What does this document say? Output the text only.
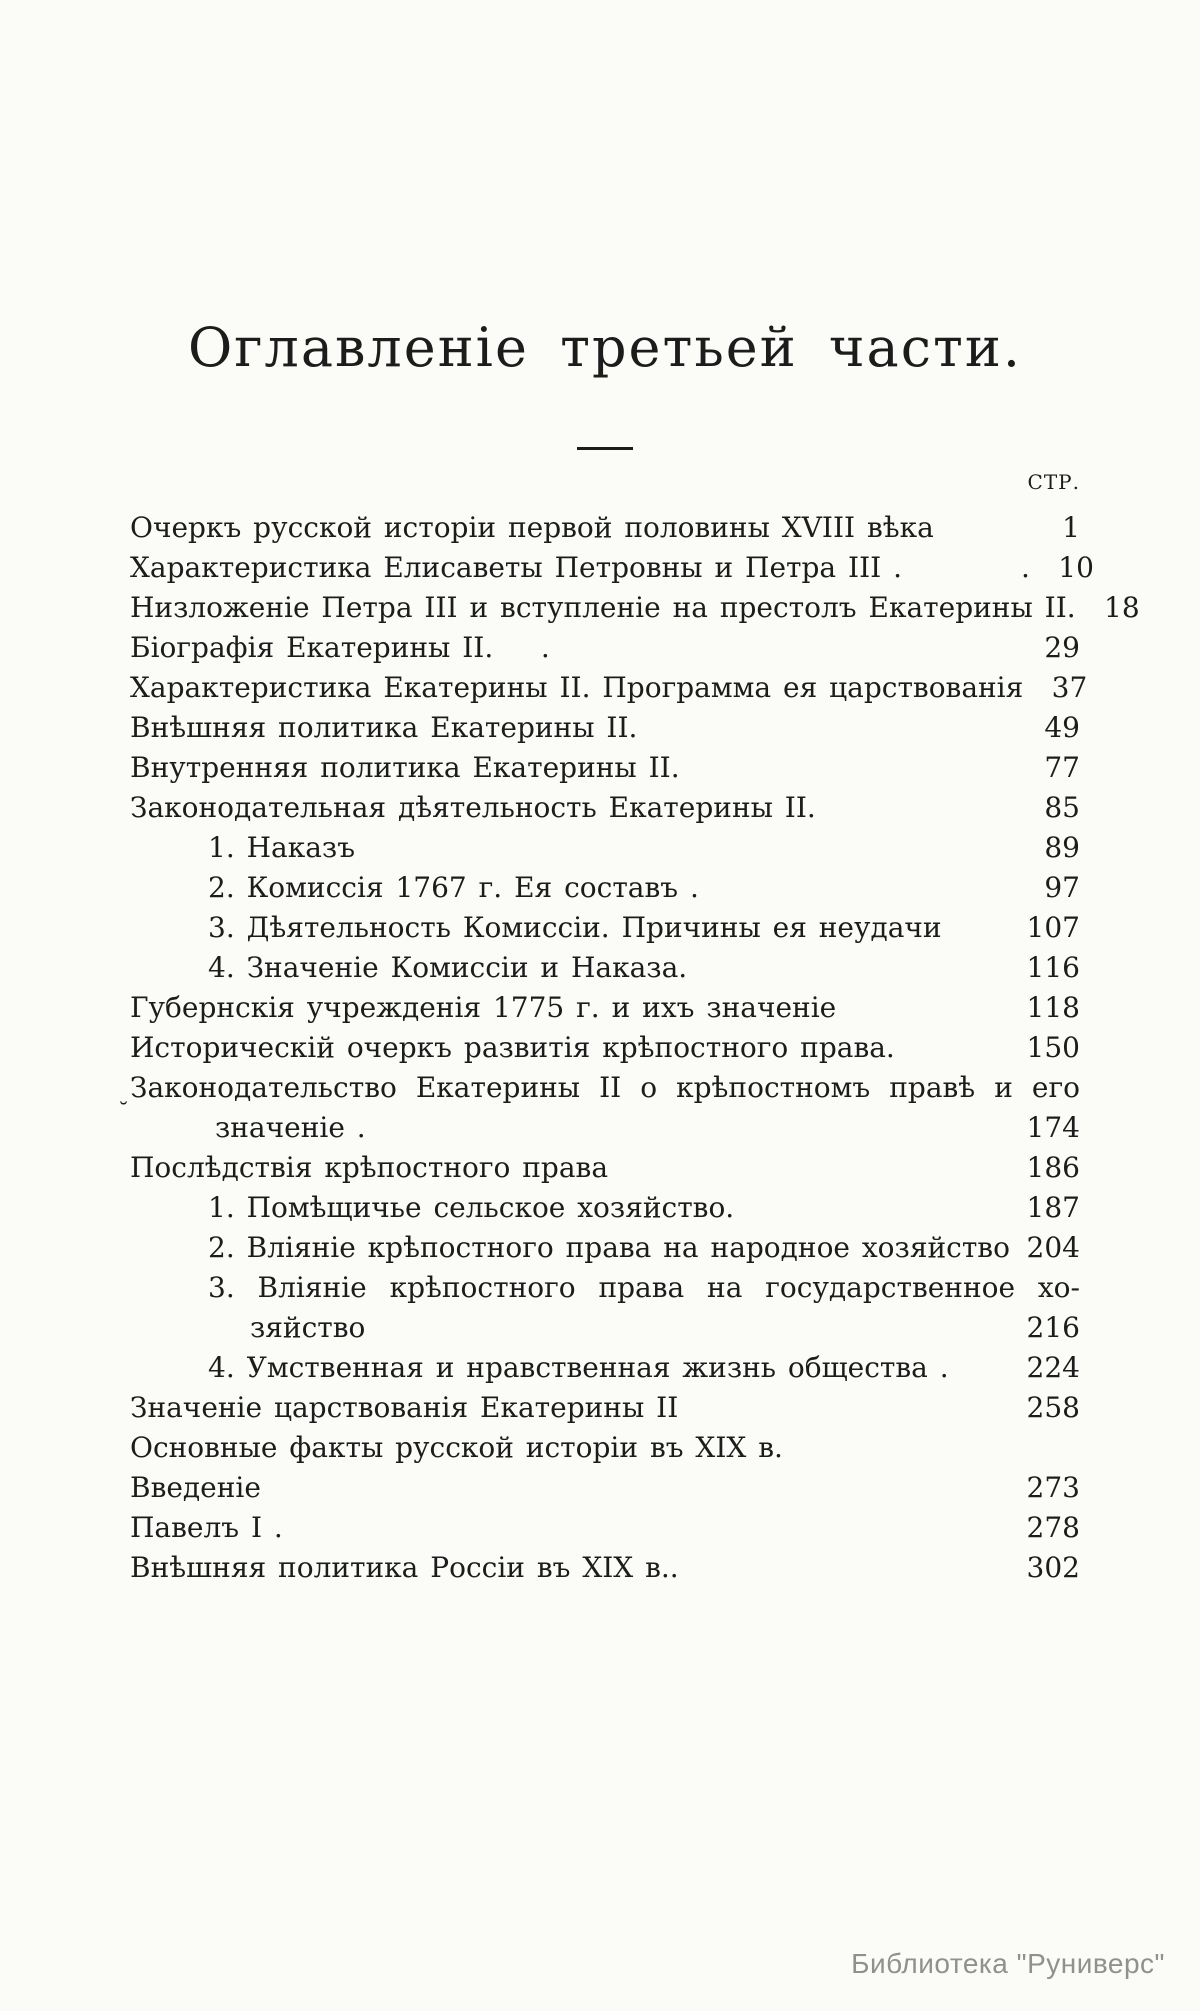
Оглавленіе третьей части.
СТР.
Очеркъ русской исторіи первой половины XVIII вѣка	1
Характеристика Елисаветы Петровны и Петра III .          .	10
Низложеніе Петра III и вступленіе на престолъ Екатерины II.	18
Біографія Екатерины II.    .	29
Характеристика Екатерины II. Программа ея царствованія	37
Внѣшняя политика Екатерины II.	49
Внутренняя политика Екатерины II.	77
Законодательная дѣятельность Екатерины II.	85
1. Наказъ	89
2. Комиссія 1767 г. Ея составъ .	97
3. Дѣятельность Комиссіи. Причины ея неудачи	107
4. Значеніе Комиссіи и Наказа.	116
Губернскія учрежденія 1775 г. и ихъ значеніе	118
Историческій очеркъ развитія крѣпостного права.	150
Законодательство Екатерины II о крѣпостномъ правѣ и его
˘	значеніе .	174
Послѣдствія крѣпостного права	186
1. Помѣщичье сельское хозяйство.	187
2. Вліяніе крѣпостного права на народное хозяйство 204
3. Вліяніе крѣпостного права на государственное хо-
зяйство	216
4. Умственная и нравственная жизнь общества .	224
Значеніе царствованія Екатерины II	258
Основные факты русской исторіи въ XIX в.
Введеніе	273
Павелъ I .	278
Внѣшняя политика Россіи въ XIX в..	302
Библиотека "Руниверс"
